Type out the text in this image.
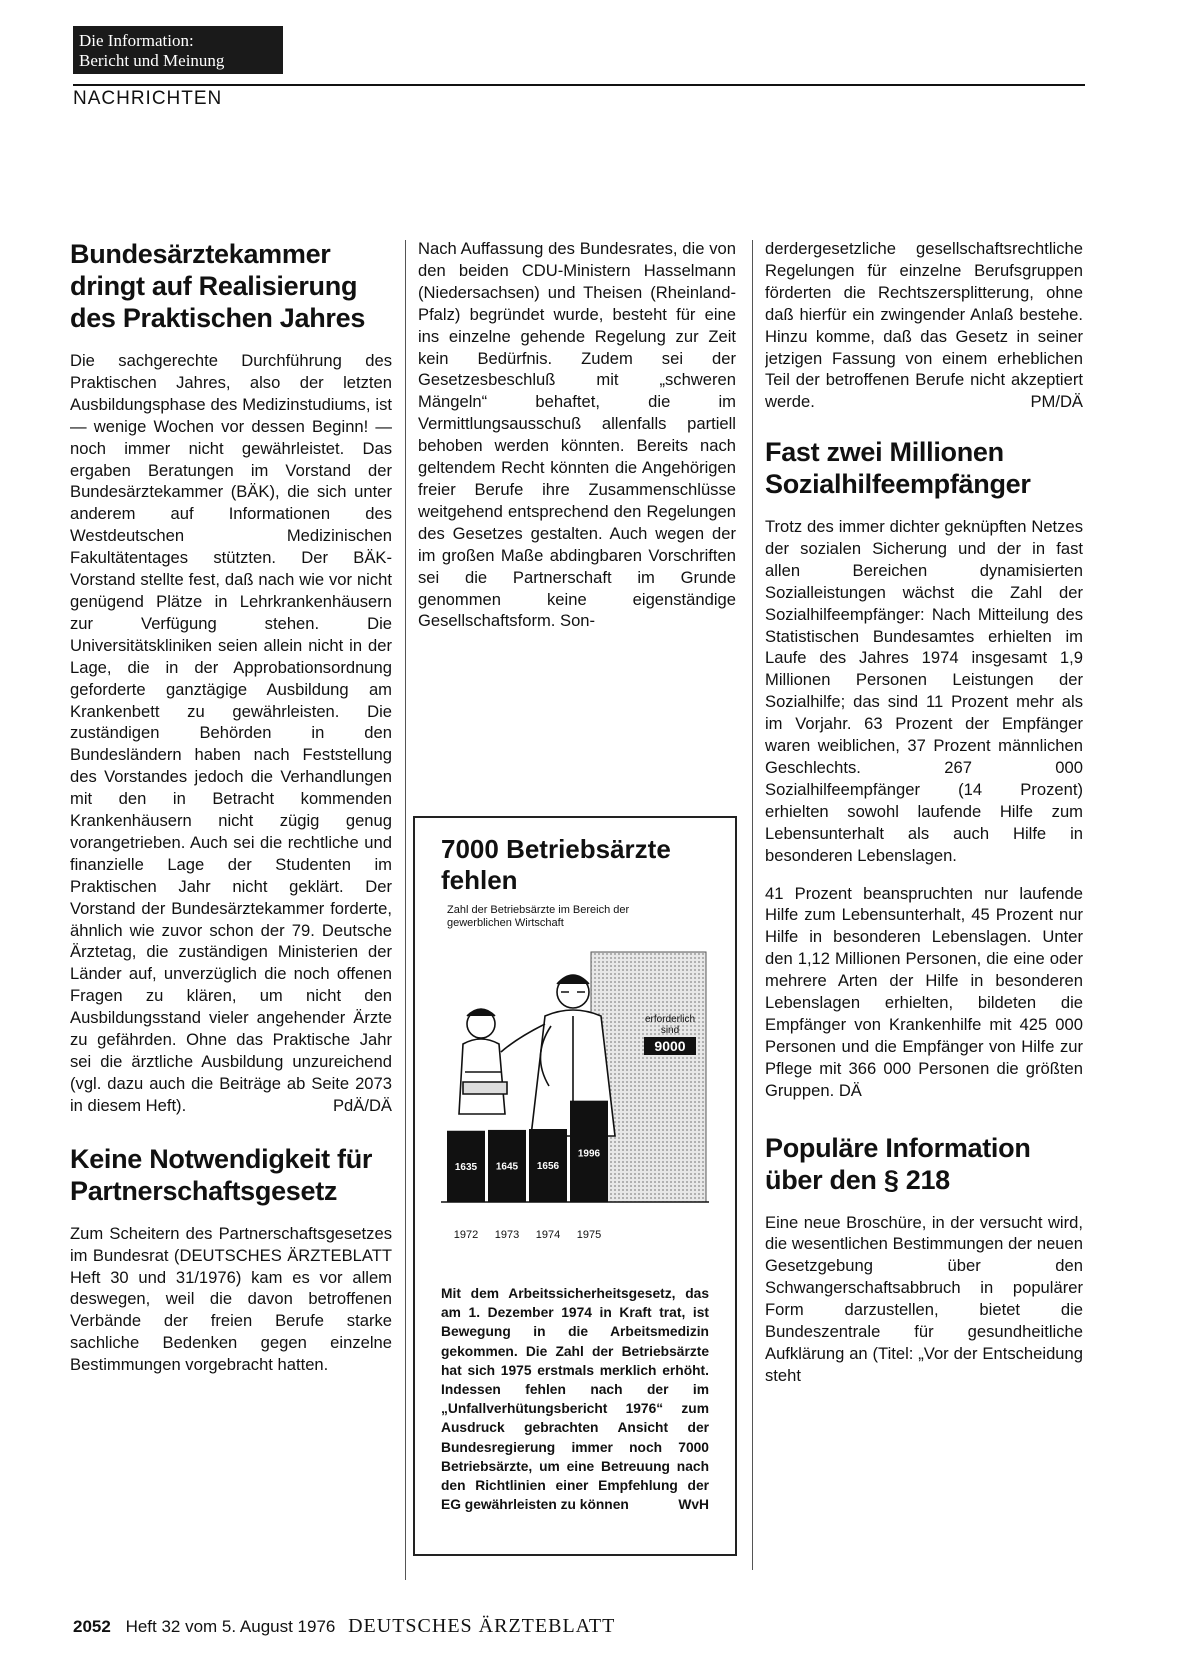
Die Information:
Bericht und Meinung
NACHRICHTEN
Bundesärztekammer dringt auf Realisierung des Praktischen Jahres

Die sachgerechte Durchführung des Praktischen Jahres, also der letzten Ausbildungsphase des Medizinstudiums, ist — wenige Wochen vor dessen Beginn! — noch immer nicht gewährleistet. Das ergaben Beratungen im Vorstand der Bundesärztekammer (BÄK), die sich unter anderem auf Informationen des Westdeutschen Medizinischen Fakultätentages stützten. Der BÄK-Vorstand stellte fest, daß nach wie vor nicht genügend Plätze in Lehrkrankenhäusern zur Verfügung stehen. Die Universitätskliniken seien allein nicht in der Lage, die in der Approbationsordnung geforderte ganztägige Ausbildung am Krankenbett zu gewährleisten. Die zuständigen Behörden in den Bundesländern haben nach Feststellung des Vorstandes jedoch die Verhandlungen mit den in Betracht kommenden Krankenhäusern nicht zügig genug vorangetrieben. Auch sei die rechtliche und finanzielle Lage der Studenten im Praktischen Jahr nicht geklärt. Der Vorstand der Bundesärztekammer forderte, ähnlich wie zuvor schon der 79. Deutsche Ärztetag, die zuständigen Ministerien der Länder auf, unverzüglich die noch offenen Fragen zu klären, um nicht den Ausbildungsstand vieler angehender Ärzte zu gefährden. Ohne das Praktische Jahr sei die ärztliche Ausbildung unzureichend (vgl. dazu auch die Beiträge ab Seite 2073 in diesem Heft).	PdÄ/DÄ

Keine Notwendigkeit für Partnerschaftsgesetz

Zum Scheitern des Partnerschaftsgesetzes im Bundesrat (DEUTSCHES ÄRZTEBLATT Heft 30 und 31/1976) kam es vor allem deswegen, weil die davon betroffenen Verbände der freien Berufe starke sachliche Bedenken gegen einzelne Bestimmungen vorgebracht hatten.

Nach Auffassung des Bundesrates, die von den beiden CDU-Ministern Hasselmann (Niedersachsen) und Theisen (Rheinland-Pfalz) begründet wurde, besteht für eine ins einzelne gehende Regelung zur Zeit kein Bedürfnis. Zudem sei der Gesetzesbeschluß mit „schweren Mängeln“ behaftet, die im Vermittlungsausschuß allenfalls partiell behoben werden könnten. Bereits nach geltendem Recht könnten die Angehörigen freier Berufe ihre Zusammenschlüsse weitgehend entsprechend den Regelungen des Gesetzes gestalten. Auch wegen der im großen Maße abdingbaren Vorschriften sei die Partnerschaft im Grunde genommen keine eigenständige Gesellschaftsform. Son-

7000 Betriebsärzte fehlen
Zahl der Betriebsärzte im Bereich der gewerblichen Wirtschaft
erforderlich
sind
9000
1635 1645 1656
1996
1972 1973 1974 1975
Mit dem Arbeitssicherheitsgesetz, das am 1. Dezember 1974 in Kraft trat, ist Bewegung in die Arbeitsmedizin gekommen. Die Zahl der Betriebsärzte hat sich 1975 erstmals merklich erhöht. Indessen fehlen nach der im „Unfallverhütungsbericht 1976“ zum Ausdruck gebrachten Ansicht der Bundesregierung immer noch 7000 Betriebsärzte, um eine Betreuung nach den Richtlinien einer Empfehlung der EG gewährleisten zu können	WvH

derdergesetzliche gesellschaftsrechtliche Regelungen für einzelne Berufsgruppen förderten die Rechtszersplitterung, ohne daß hierfür ein zwingender Anlaß bestehe. Hinzu komme, daß das Gesetz in seiner jetzigen Fassung von einem erheblichen Teil der betroffenen Berufe nicht akzeptiert werde.	PM/DÄ

Fast zwei Millionen Sozialhilfeempfänger

Trotz des immer dichter geknüpften Netzes der sozialen Sicherung und der in fast allen Bereichen dynamisierten Sozialleistungen wächst die Zahl der Sozialhilfeempfänger: Nach Mitteilung des Statistischen Bundesamtes erhielten im Laufe des Jahres 1974 insgesamt 1,9 Millionen Personen Leistungen der Sozialhilfe; das sind 11 Prozent mehr als im Vorjahr. 63 Prozent der Empfänger waren weiblichen, 37 Prozent männlichen Geschlechts. 267 000 Sozialhilfeempfänger (14 Prozent) erhielten sowohl laufende Hilfe zum Lebensunterhalt als auch Hilfe in besonderen Lebenslagen.

41 Prozent beanspruchten nur laufende Hilfe zum Lebensunterhalt, 45 Prozent nur Hilfe in besonderen Lebenslagen. Unter den 1,12 Millionen Personen, die eine oder mehrere Arten der Hilfe in besonderen Lebenslagen erhielten, bildeten die Empfänger von Krankenhilfe mit 425 000 Personen und die Empfänger von Hilfe zur Pflege mit 366 000 Personen die größten Gruppen. DÄ

Populäre Information über den § 218

Eine neue Broschüre, in der versucht wird, die wesentlichen Bestimmungen der neuen Gesetzgebung über den Schwangerschaftsabbruch in populärer Form darzustellen, bietet die Bundeszentrale für gesundheitliche Aufklärung an (Titel: „Vor der Entscheidung steht

2052 Heft 32 vom 5. August 1976 DEUTSCHES ÄRZTEBLATT
